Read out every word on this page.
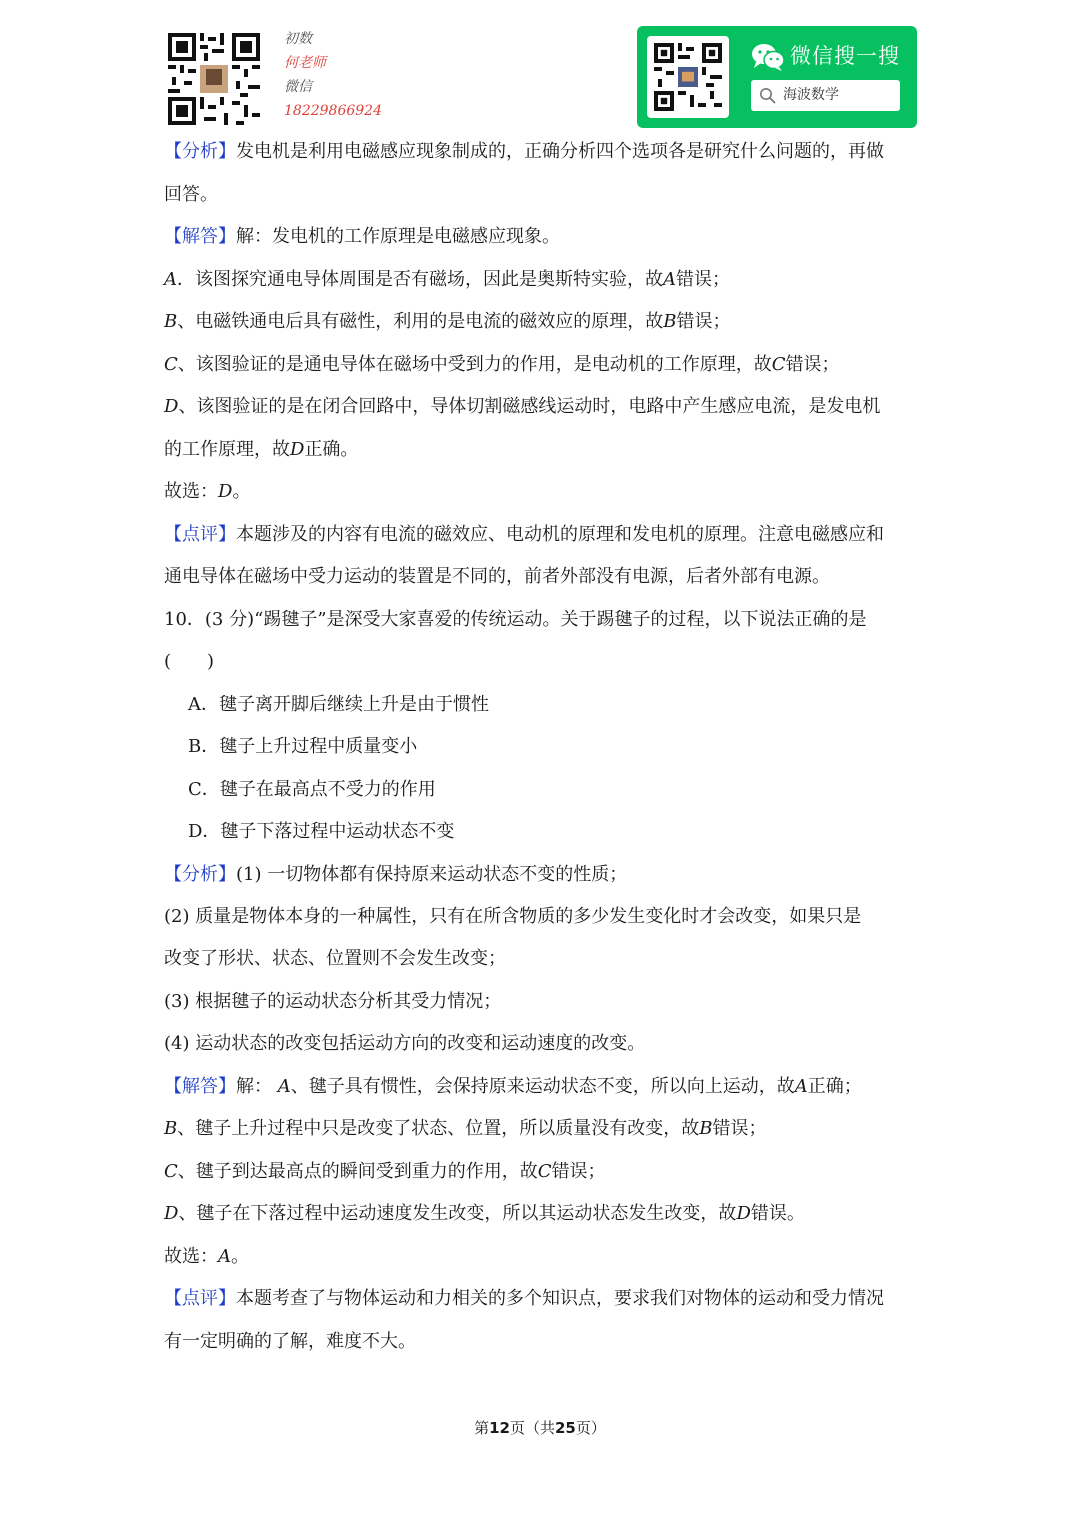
初数
何老师
微信
18229866924
微信搜一搜
海波数学

【分析】发电机是利用电磁感应现象制成的，正确分析四个选项各是研究什么问题的，再做

回答。

【解答】解：发电机的工作原理是电磁感应现象。

A．该图探究通电导体周围是否有磁场，因此是奥斯特实验，故A错误；

B、电磁铁通电后具有磁性，利用的是电流的磁效应的原理，故B错误；

C、该图验证的是通电导体在磁场中受到力的作用，是电动机的工作原理，故C错误；

D、该图验证的是在闭合回路中，导体切割磁感线运动时，电路中产生感应电流，是发电机

的工作原理，故D正确。

故选：D。

【点评】本题涉及的内容有电流的磁效应、电动机的原理和发电机的原理。注意电磁感应和

通电导体在磁场中受力运动的装置是不同的，前者外部没有电源，后者外部有电源。

10．(3 分)“踢毽子”是深受大家喜爱的传统运动。关于踢毽子的过程，以下说法正确的是

(　　)

A．毽子离开脚后继续上升是由于惯性

B．毽子上升过程中质量变小

C．毽子在最高点不受力的作用

D．毽子下落过程中运动状态不变

【分析】(1) 一切物体都有保持原来运动状态不变的性质；

(2) 质量是物体本身的一种属性，只有在所含物质的多少发生变化时才会改变，如果只是

改变了形状、状态、位置则不会发生改变；

(3) 根据毽子的运动状态分析其受力情况；

(4) 运动状态的改变包括运动方向的改变和运动速度的改变。

【解答】解： A、毽子具有惯性，会保持原来运动状态不变，所以向上运动，故A正确；

B、毽子上升过程中只是改变了状态、位置，所以质量没有改变，故B错误；

C、毽子到达最高点的瞬间受到重力的作用，故C错误；

D、毽子在下落过程中运动速度发生改变，所以其运动状态发生改变，故D错误。

故选：A。

【点评】本题考查了与物体运动和力相关的多个知识点，要求我们对物体的运动和受力情况

有一定明确的了解，难度不大。

第12页（共25页）
